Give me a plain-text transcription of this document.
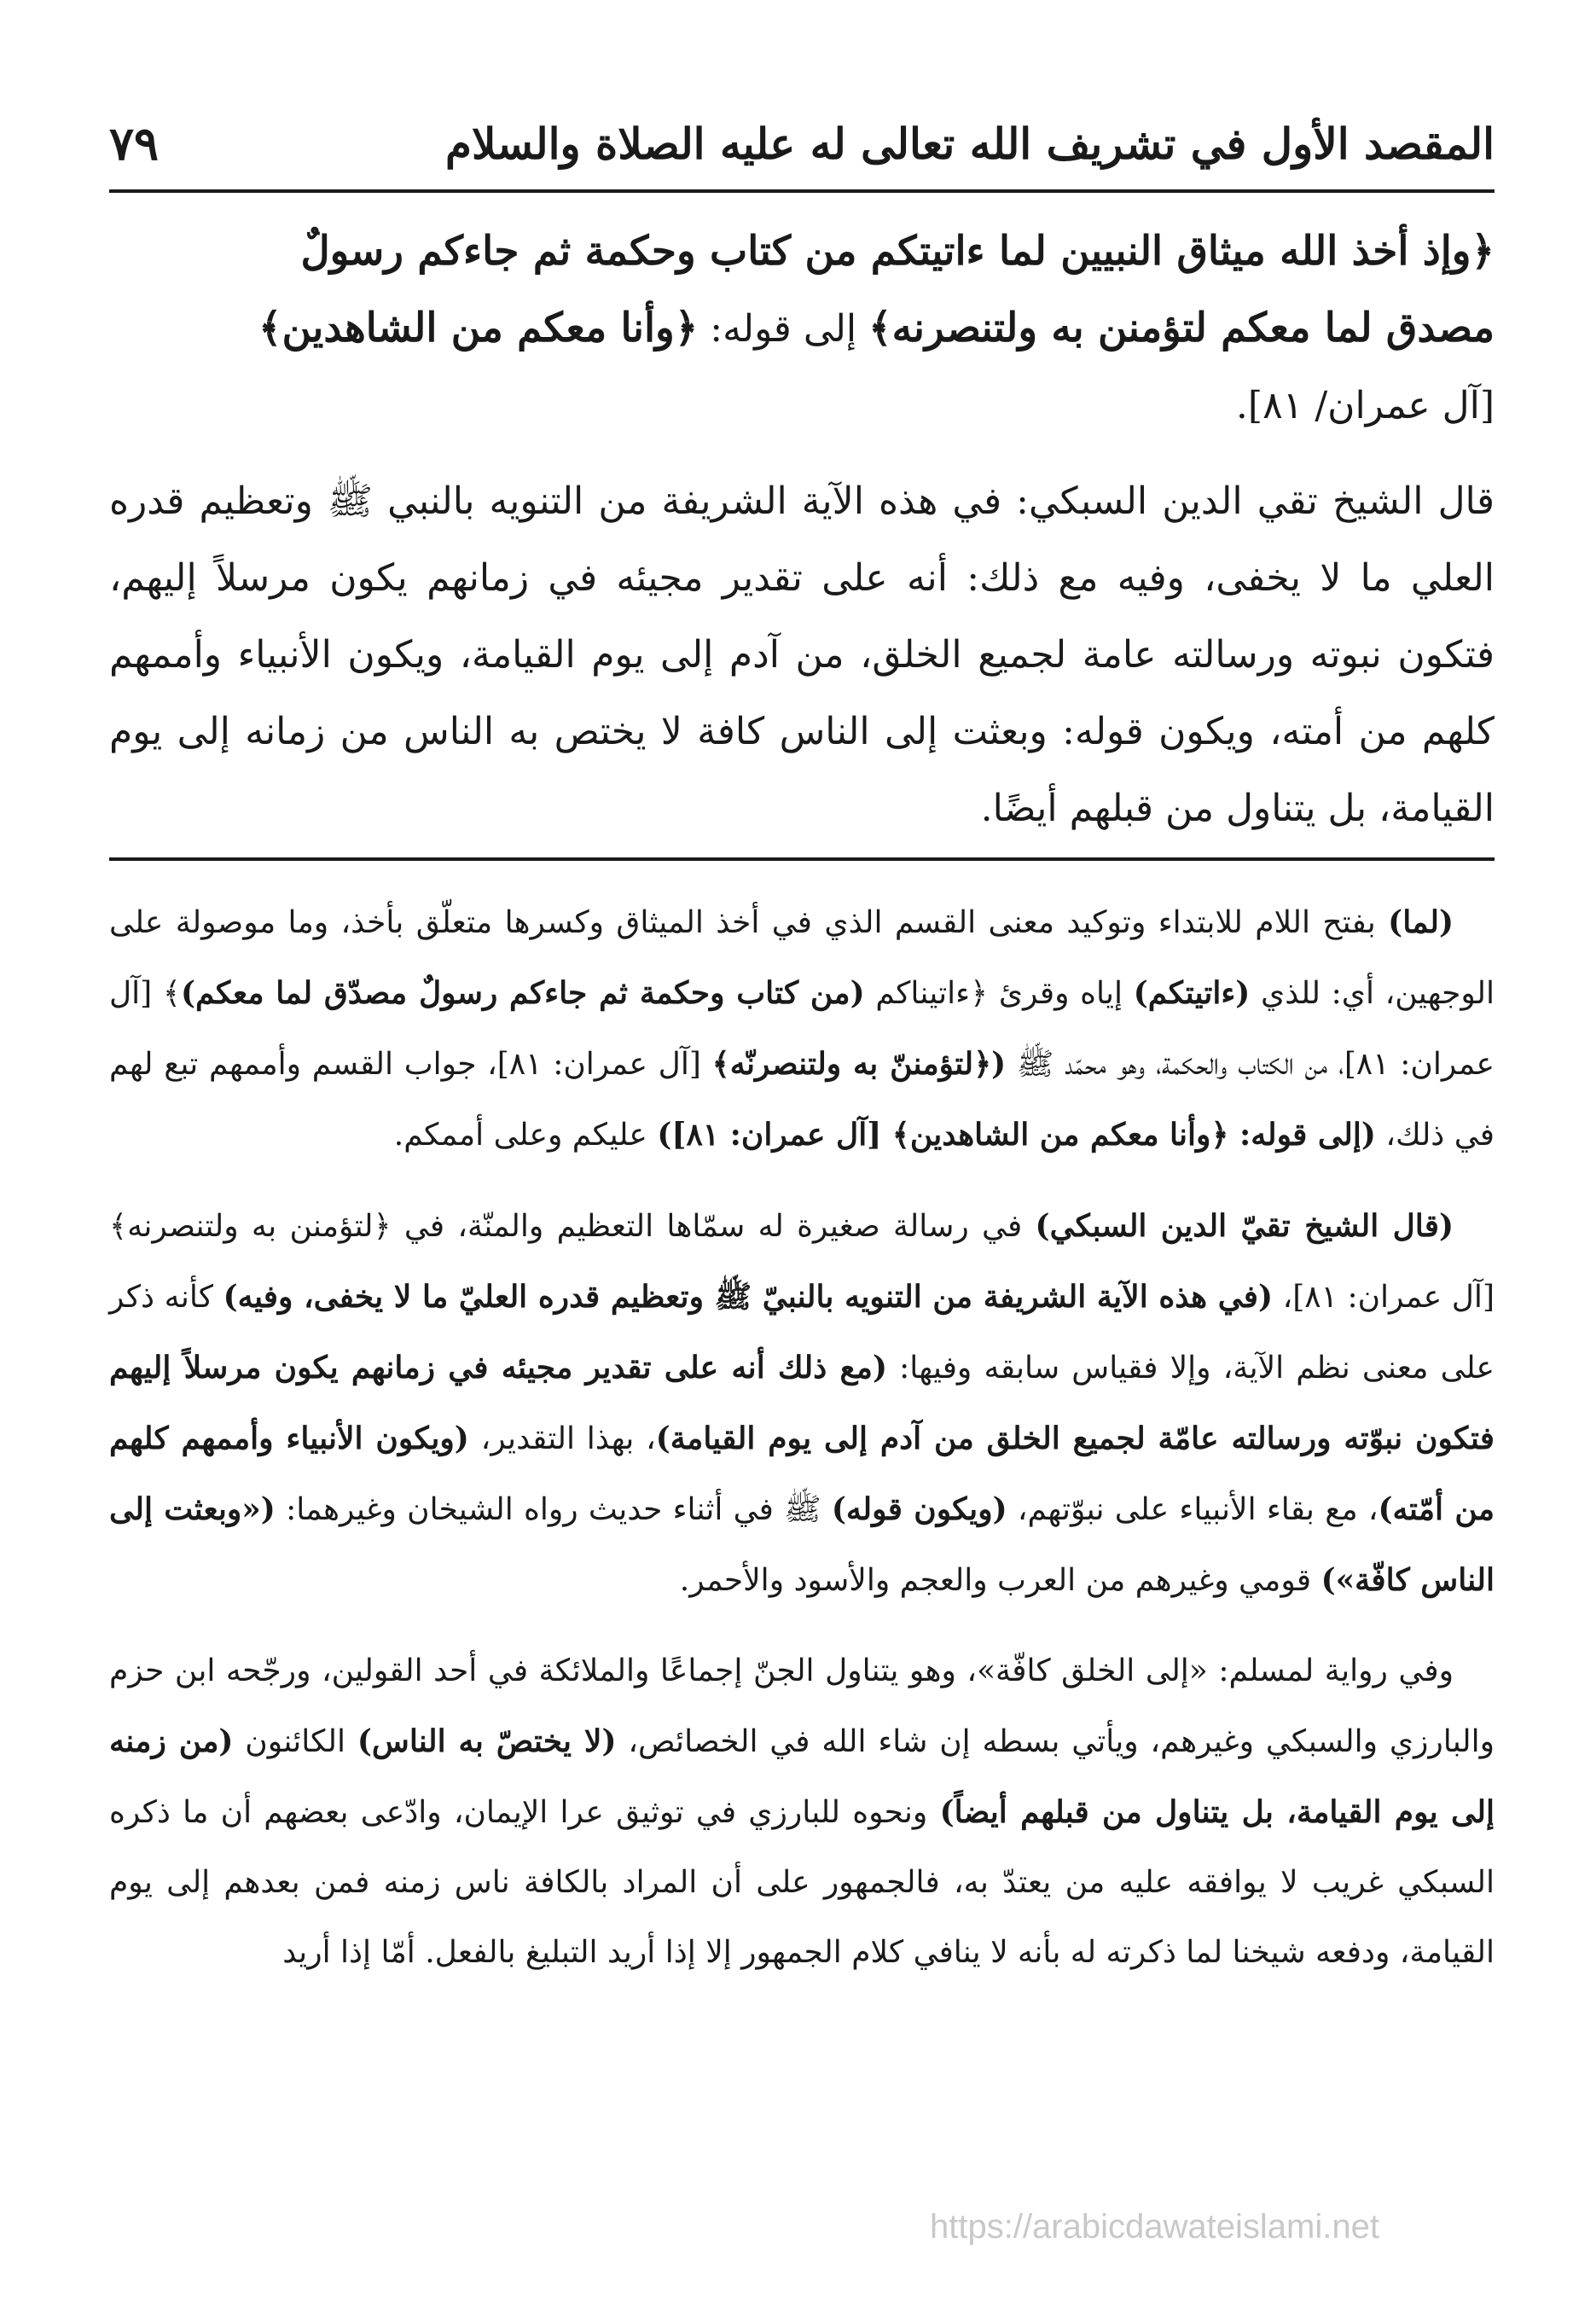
المقصد الأول في تشريف الله تعالى له عليه الصلاة والسلام
٧٩

﴿وإذ أخذ الله ميثاق النبيين لما ءاتيتكم من كتاب وحكمة ثم جاءكم رسولٌ

مصدق لما معكم لتؤمنن به ولتنصرنه﴾ إلى قوله: ﴿وأنا معكم من الشاهدين﴾

[آل عمران/ ٨١].

قال الشيخ تقي الدين السبكي: في هذه الآية الشريفة من التنويه بالنبي ﷺ وتعظيم قدره العلي ما لا يخفى، وفيه مع ذلك: أنه على تقدير مجيئه في زمانهم يكون مرسلاً إليهم، فتكون نبوته ورسالته عامة لجميع الخلق، من آدم إلى يوم القيامة، ويكون الأنبياء وأممهم كلهم من أمته، ويكون قوله: وبعثت إلى الناس كافة لا يختص به الناس من زمانه إلى يوم القيامة، بل يتناول من قبلهم أيضًا.

(لما) بفتح اللام للابتداء وتوكيد معنى القسم الذي في أخذ الميثاق وكسرها متعلّق بأخذ، وما موصولة على الوجهين، أي: للذي (ءاتيتكم) إياه وقرئ ﴿ءاتيناكم (من كتاب وحكمة ثم جاءكم رسولٌ مصدّق لما معكم)﴾ [آل عمران: ٨١]، من الكتاب والحكمة، وهو محمّد ﷺ (﴿لتؤمننّ به ولتنصرنّه﴾ [آل عمران: ٨١]، جواب القسم وأممهم تبع لهم في ذلك، (إلى قوله: ﴿وأنا معكم من الشاهدين﴾ [آل عمران: ٨١]) عليكم وعلى أممكم.

(قال الشيخ تقيّ الدين السبكي) في رسالة صغيرة له سمّاها التعظيم والمنّة، في ﴿لتؤمنن به ولتنصرنه﴾ [آل عمران: ٨١]، (في هذه الآية الشريفة من التنويه بالنبيّ ﷺ وتعظيم قدره العليّ ما لا يخفى، وفيه) كأنه ذكر على معنى نظم الآية، وإلا فقياس سابقه وفيها: (مع ذلك أنه على تقدير مجيئه في زمانهم يكون مرسلاً إليهم فتكون نبوّته ورسالته عامّة لجميع الخلق من آدم إلى يوم القيامة)، بهذا التقدير، (ويكون الأنبياء وأممهم كلهم من أمّته)، مع بقاء الأنبياء على نبوّتهم، (ويكون قوله) ﷺ في أثناء حديث رواه الشيخان وغيرهما: («وبعثت إلى الناس كافّة») قومي وغيرهم من العرب والعجم والأسود والأحمر.

وفي رواية لمسلم: «إلى الخلق كافّة»، وهو يتناول الجنّ إجماعًا والملائكة في أحد القولين، ورجّحه ابن حزم والبارزي والسبكي وغيرهم، ويأتي بسطه إن شاء الله في الخصائص، (لا يختصّ به الناس) الكائنون (من زمنه إلى يوم القيامة، بل يتناول من قبلهم أيضاً) ونحوه للبارزي في توثيق عرا الإيمان، وادّعى بعضهم أن ما ذكره السبكي غريب لا يوافقه عليه من يعتدّ به، فالجمهور على أن المراد بالكافة ناس زمنه فمن بعدهم إلى يوم القيامة، ودفعه شيخنا لما ذكرته له بأنه لا ينافي كلام الجمهور إلا إذا أريد التبليغ بالفعل. أمّا إذا أريد

https://arabicdawateislami.net
